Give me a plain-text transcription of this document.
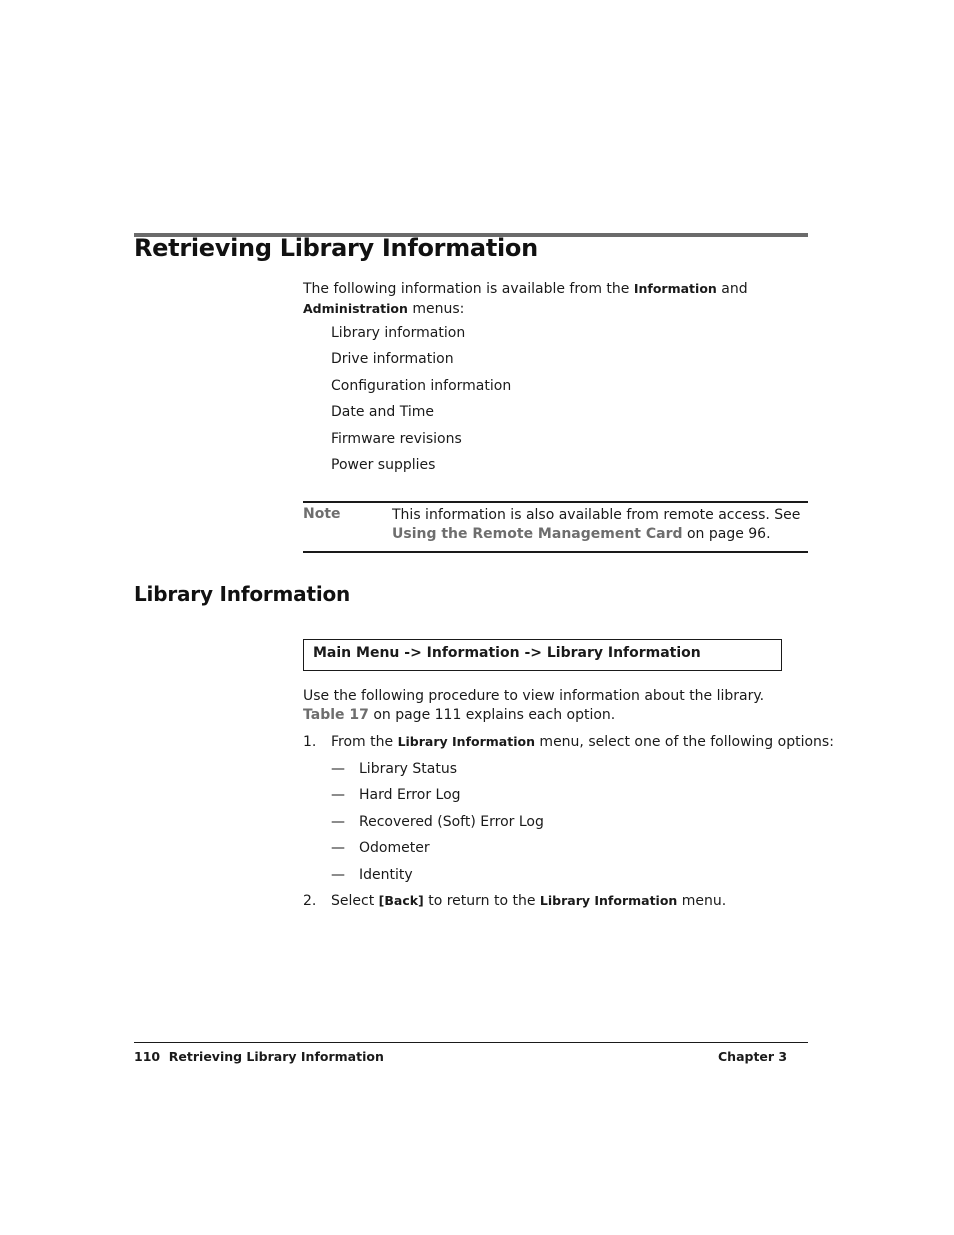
Retrieving Library Information
The following information is available from the Information and Administration menus:
Library information
Drive information
Configuration information
Date and Time
Firmware revisions
Power supplies
Note	This information is also available from remote access. See Using the Remote Management Card on page 96.
Library Information
Main Menu -> Information -> Library Information
Use the following procedure to view information about the library. Table 17 on page 111 explains each option.
1. From the Library Information menu, select one of the following options:
— Library Status
— Hard Error Log
— Recovered (Soft) Error Log
— Odometer
— Identity
2. Select [Back] to return to the Library Information menu.
110  Retrieving Library Information	Chapter 3
